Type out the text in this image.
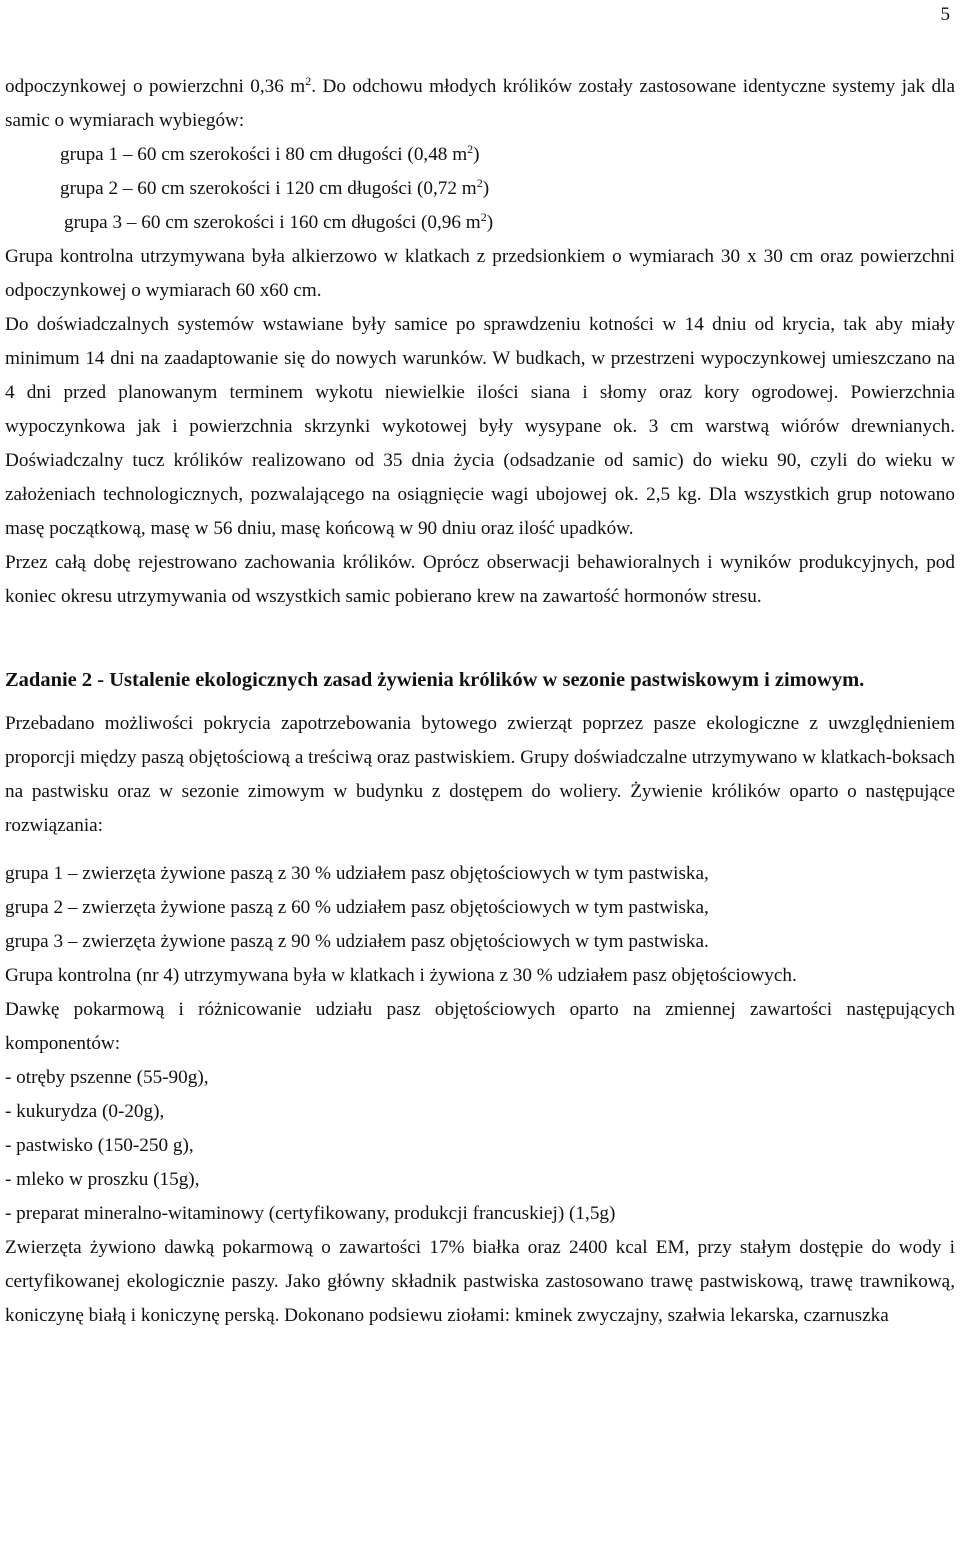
5

odpoczynkowej o powierzchni 0,36 $m^2$. Do odchowu młodych królików zostały zastosowane identyczne systemy jak dla samic o wymiarach wybiegów:

grupa 1 – 60 cm szerokości i 80 cm długości (0,48 $m^2$)
grupa 2 – 60 cm szerokości i 120 cm długości (0,72 $m^2$)
grupa 3 – 60 cm szerokości i 160 cm długości (0,96 $m^2$)

Grupa kontrolna utrzymywana była alkierzowo w klatkach z przedsionkiem o wymiarach 30 x 30 cm oraz powierzchni odpoczynkowej o wymiarach 60 x60 cm.

Do doświadczalnych systemów wstawiane były samice po sprawdzeniu kotności w 14 dniu od krycia, tak aby miały minimum 14 dni na zaadaptowanie się do nowych warunków. W budkach, w przestrzeni wypoczynkowej umieszczano na 4 dni przed planowanym terminem wykotu niewielkie ilości siana i słomy oraz kory ogrodowej. Powierzchnia wypoczynkowa jak i powierzchnia skrzynki wykotowej były wysypane ok. 3 cm warstwą wiórów drewnianych. Doświadczalny tucz królików realizowano od 35 dnia życia (odsadzanie od samic) do wieku 90, czyli do wieku w założeniach technologicznych, pozwalającego na osiągnięcie wagi ubojowej ok. 2,5 kg. Dla wszystkich grup notowano masę początkową, masę w 56 dniu, masę końcową w 90 dniu oraz ilość upadków.

Przez całą dobę rejestrowano zachowania królików. Oprócz obserwacji behawioralnych i wyników produkcyjnych, pod koniec okresu utrzymywania od wszystkich samic pobierano krew na zawartość hormonów stresu.

Zadanie 2 - Ustalenie ekologicznych zasad żywienia królików w sezonie pastwiskowym i zimowym.

Przebadano możliwości pokrycia zapotrzebowania bytowego zwierząt poprzez pasze ekologiczne z uwzględnieniem proporcji między paszą objętościową a treściwą oraz pastwiskiem. Grupy doświadczalne utrzymywano w klatkach-boksach na pastwisku oraz w sezonie zimowym w budynku z dostępem do woliery. Żywienie królików oparto o następujące rozwiązania:

grupa 1 – zwierzęta żywione paszą z 30 % udziałem pasz objętościowych w tym pastwiska,
grupa 2 – zwierzęta żywione paszą z 60 % udziałem pasz objętościowych w tym pastwiska,
grupa 3 – zwierzęta żywione paszą z 90 % udziałem pasz objętościowych w tym pastwiska.

Grupa kontrolna (nr 4) utrzymywana była w klatkach i żywiona z 30 % udziałem pasz objętościowych.

Dawkę pokarmową i różnicowanie udziału pasz objętościowych oparto na zmiennej zawartości następujących komponentów:

- otręby pszenne (55-90g),
- kukurydza (0-20g),
- pastwisko (150-250 g),
- mleko w proszku (15g),
- preparat mineralno-witaminowy (certyfikowany, produkcji francuskiej) (1,5g)

Zwierzęta żywiono dawką pokarmową o zawartości 17% białka oraz 2400 kcal EM, przy stałym dostępie do wody i certyfikowanej ekologicznie paszy. Jako główny składnik pastwiska zastosowano trawę pastwiskową, trawę trawnikową, koniczynę białą i koniczynę perską. Dokonano podsiewu ziołami: kminek zwyczajny, szałwia lekarska, czarnuszka
